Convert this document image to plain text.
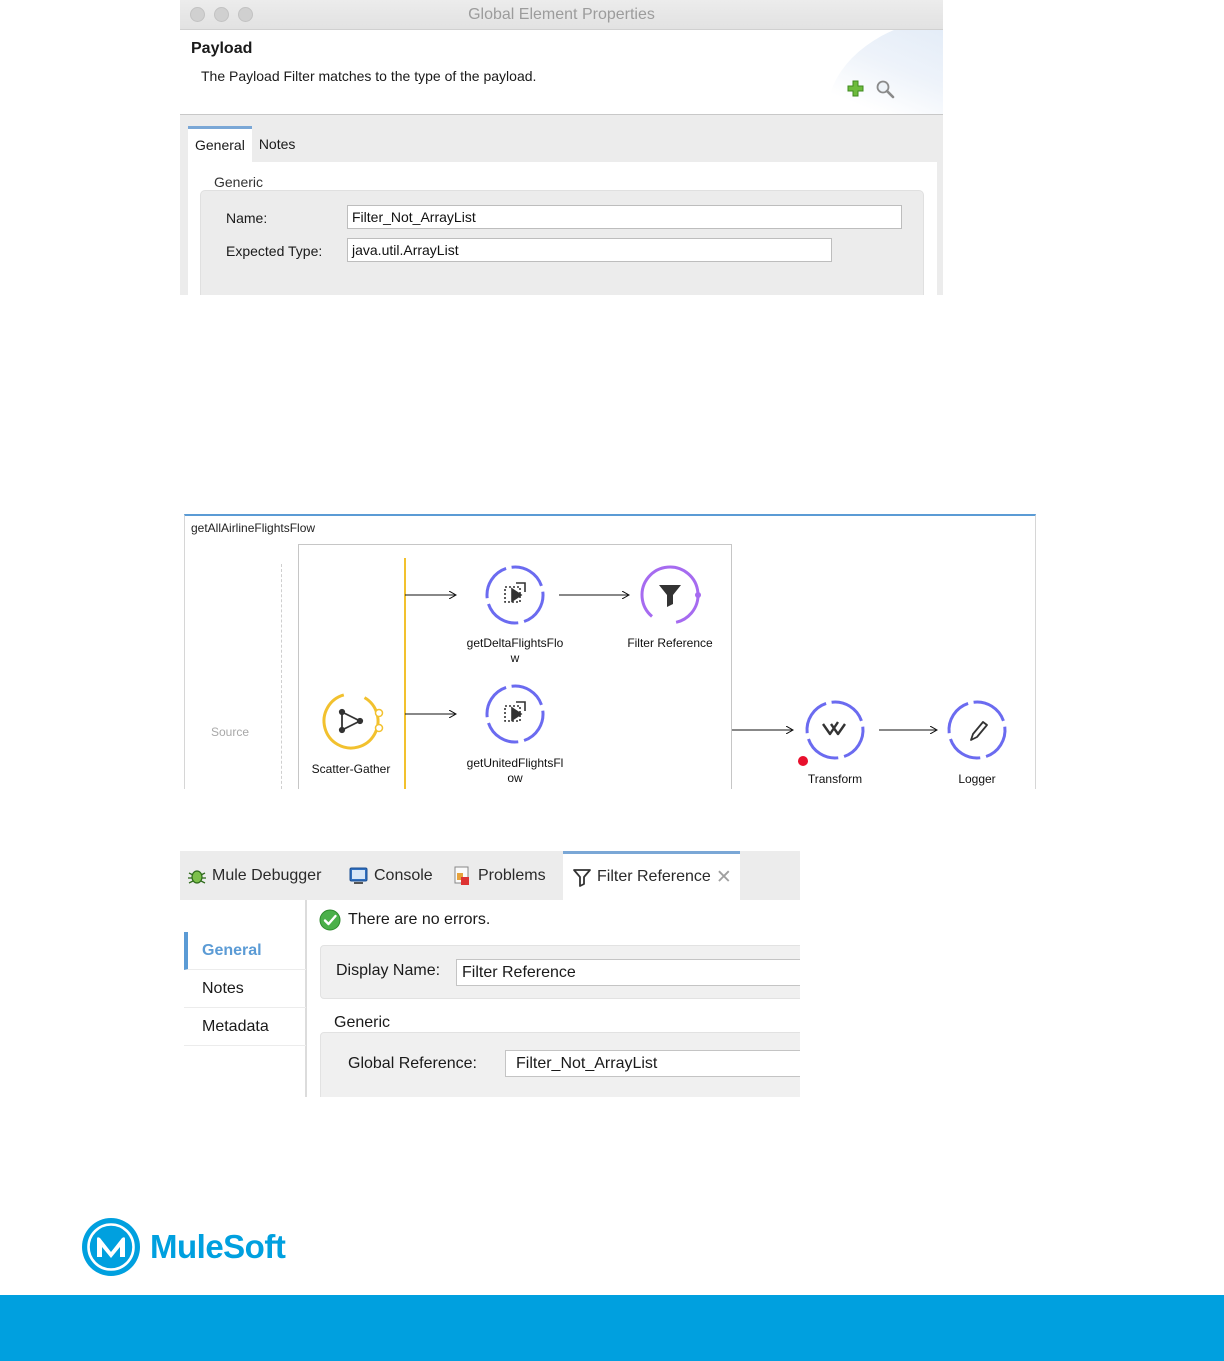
Global Element Properties
Payload
The Payload Filter matches to the type of the payload.
General	Notes
Generic
Name:	Filter_Not_ArrayList
Expected Type:	java.util.ArrayList
getAllAirlineFlightsFlow
Source
Scatter-Gather
getDeltaFlightsFlo
w
Filter Reference
getUnitedFlightsFl
ow	Transform	Logger
Mule Debugger	Console	Problems	Filter Reference ✕
General
Notes
Metadata
There are no errors.
Display Name:	Filter Reference
Generic
Global Reference:	Filter_Not_ArrayList
MuleSoft
